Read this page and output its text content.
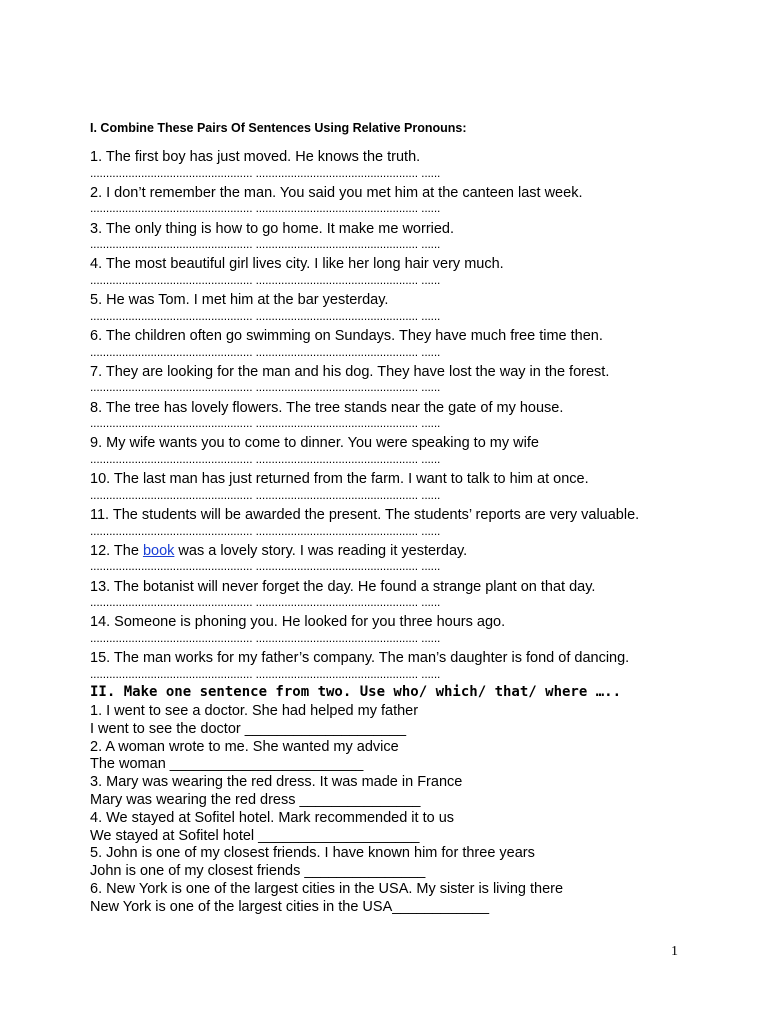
I. Combine These Pairs Of Sentences Using Relative Pronouns:
1. The first boy has just moved. He knows the truth.
................................................... ................................................... ......
2. I don’t remember the man. You said you met him at the canteen last week.
................................................... ................................................... ......
3. The only thing is how to go home. It make me worried.
................................................... ................................................... ......
4. The most beautiful girl lives city. I like her long hair very much.
................................................... ................................................... ......
5. He was Tom. I met him at the bar yesterday.
................................................... ................................................... ......
6. The children often go swimming on Sundays. They have much free time then.
................................................... ................................................... ......
7. They are looking for the man and his dog. They have lost the way in the forest.
................................................... ................................................... ......
8. The tree has lovely flowers. The tree stands near the gate of my house.
................................................... ................................................... ......
9. My wife wants you to come to dinner. You were speaking to my wife
................................................... ................................................... ......
10. The last man has just returned from the farm. I want to talk to him at once.
................................................... ................................................... ......
11. The students will be awarded the present. The students’ reports are very valuable.
................................................... ................................................... ......
12. The book was a lovely story. I was reading it yesterday.
................................................... ................................................... ......
13. The botanist will never forget the day. He found a strange plant on that day.
................................................... ................................................... ......
14. Someone is phoning you. He looked for you three hours ago.
................................................... ................................................... ......
15. The man works for my father’s company. The man’s daughter is fond of dancing.
................................................... ................................................... ......
II. Make one sentence from two. Use who/ which/ that/ where …..
1. I went to see a doctor. She had helped my father
I went to see the doctor ____________________
2. A woman wrote to me. She wanted my advice
The woman ________________________
3. Mary was wearing the red dress. It was made in France
Mary was wearing the red dress _______________
4. We stayed at Sofitel hotel. Mark recommended it to us
We stayed at Sofitel hotel ____________________
5. John is one of my closest friends. I have known him for three years
John is one of my closest friends _______________
6. New York is one of the largest cities in the USA. My sister is living there
New York is one of the largest cities in the USA____________
1
